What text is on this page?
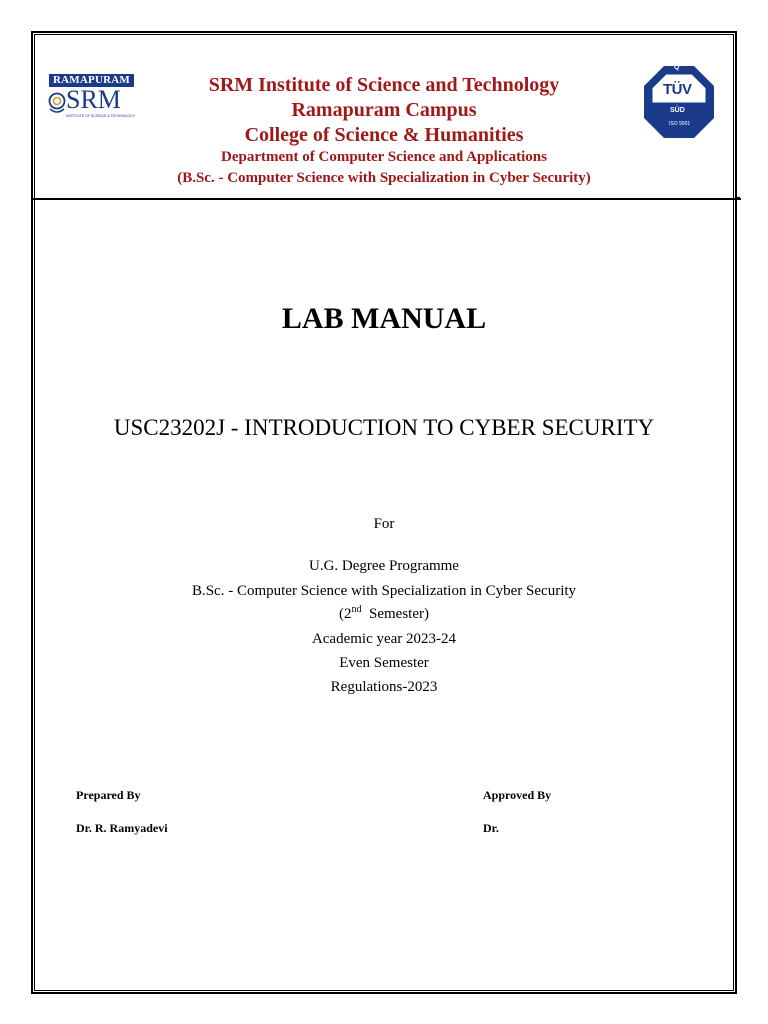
RAMAPURAM
SRM
INSTITUTE OF SCIENCE & TECHNOLOGY
Q
TÜV
SÜD
ISO 9001
SRM Institute of Science and Technology
Ramapuram Campus
College of Science & Humanities
Department of Computer Science and Applications
(B.Sc. - Computer Science with Specialization in Cyber Security)
LAB MANUAL
USC23202J - INTRODUCTION TO CYBER SECURITY
For
U.G. Degree Programme
B.Sc. - Computer Science with Specialization in Cyber Security
(2nd  Semester)
Academic year 2023-24
Even Semester
Regulations-2023
Prepared By
Dr. R. Ramyadevi
Approved By
Dr.
